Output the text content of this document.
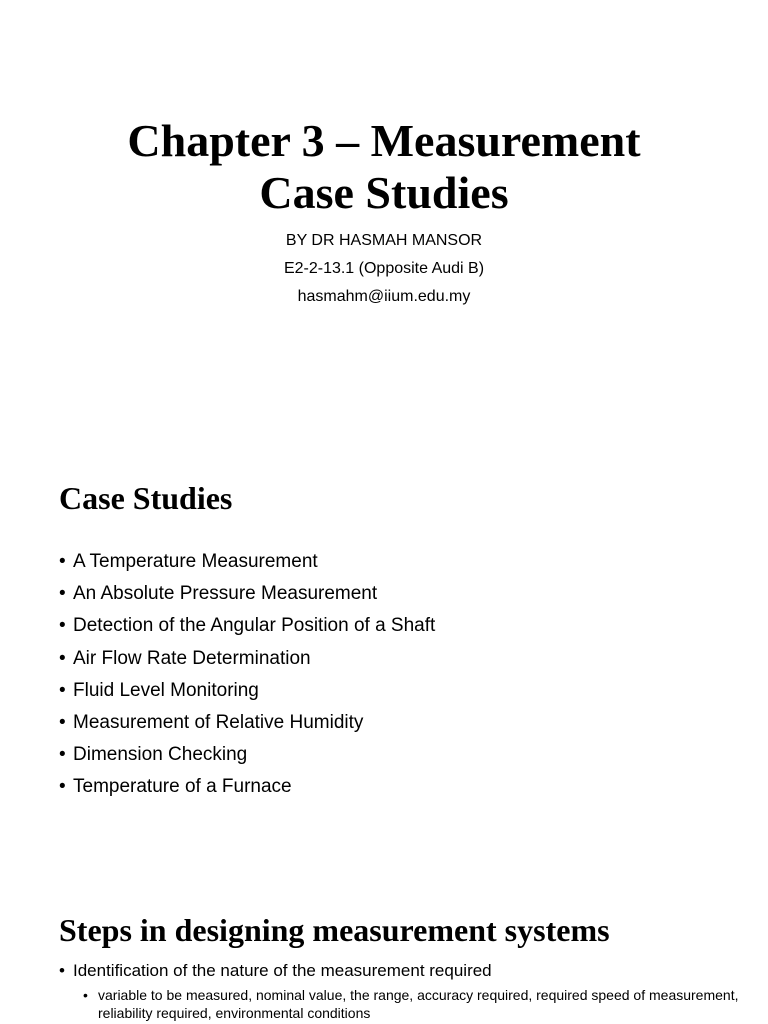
Chapter 3 – Measurement
Case Studies
BY DR HASMAH MANSOR
E2-2-13.1 (Opposite Audi B)
hasmahm@iium.edu.my
Case Studies
• A Temperature Measurement
• An Absolute Pressure Measurement
• Detection of the Angular Position of a Shaft
• Air Flow Rate Determination
• Fluid Level Monitoring
• Measurement of Relative Humidity
• Dimension Checking
• Temperature of a Furnace
Steps in designing measurement systems
• Identification of the nature of the measurement required
• variable to be measured, nominal value, the range, accuracy required, required speed of measurement, reliability required, environmental conditions
